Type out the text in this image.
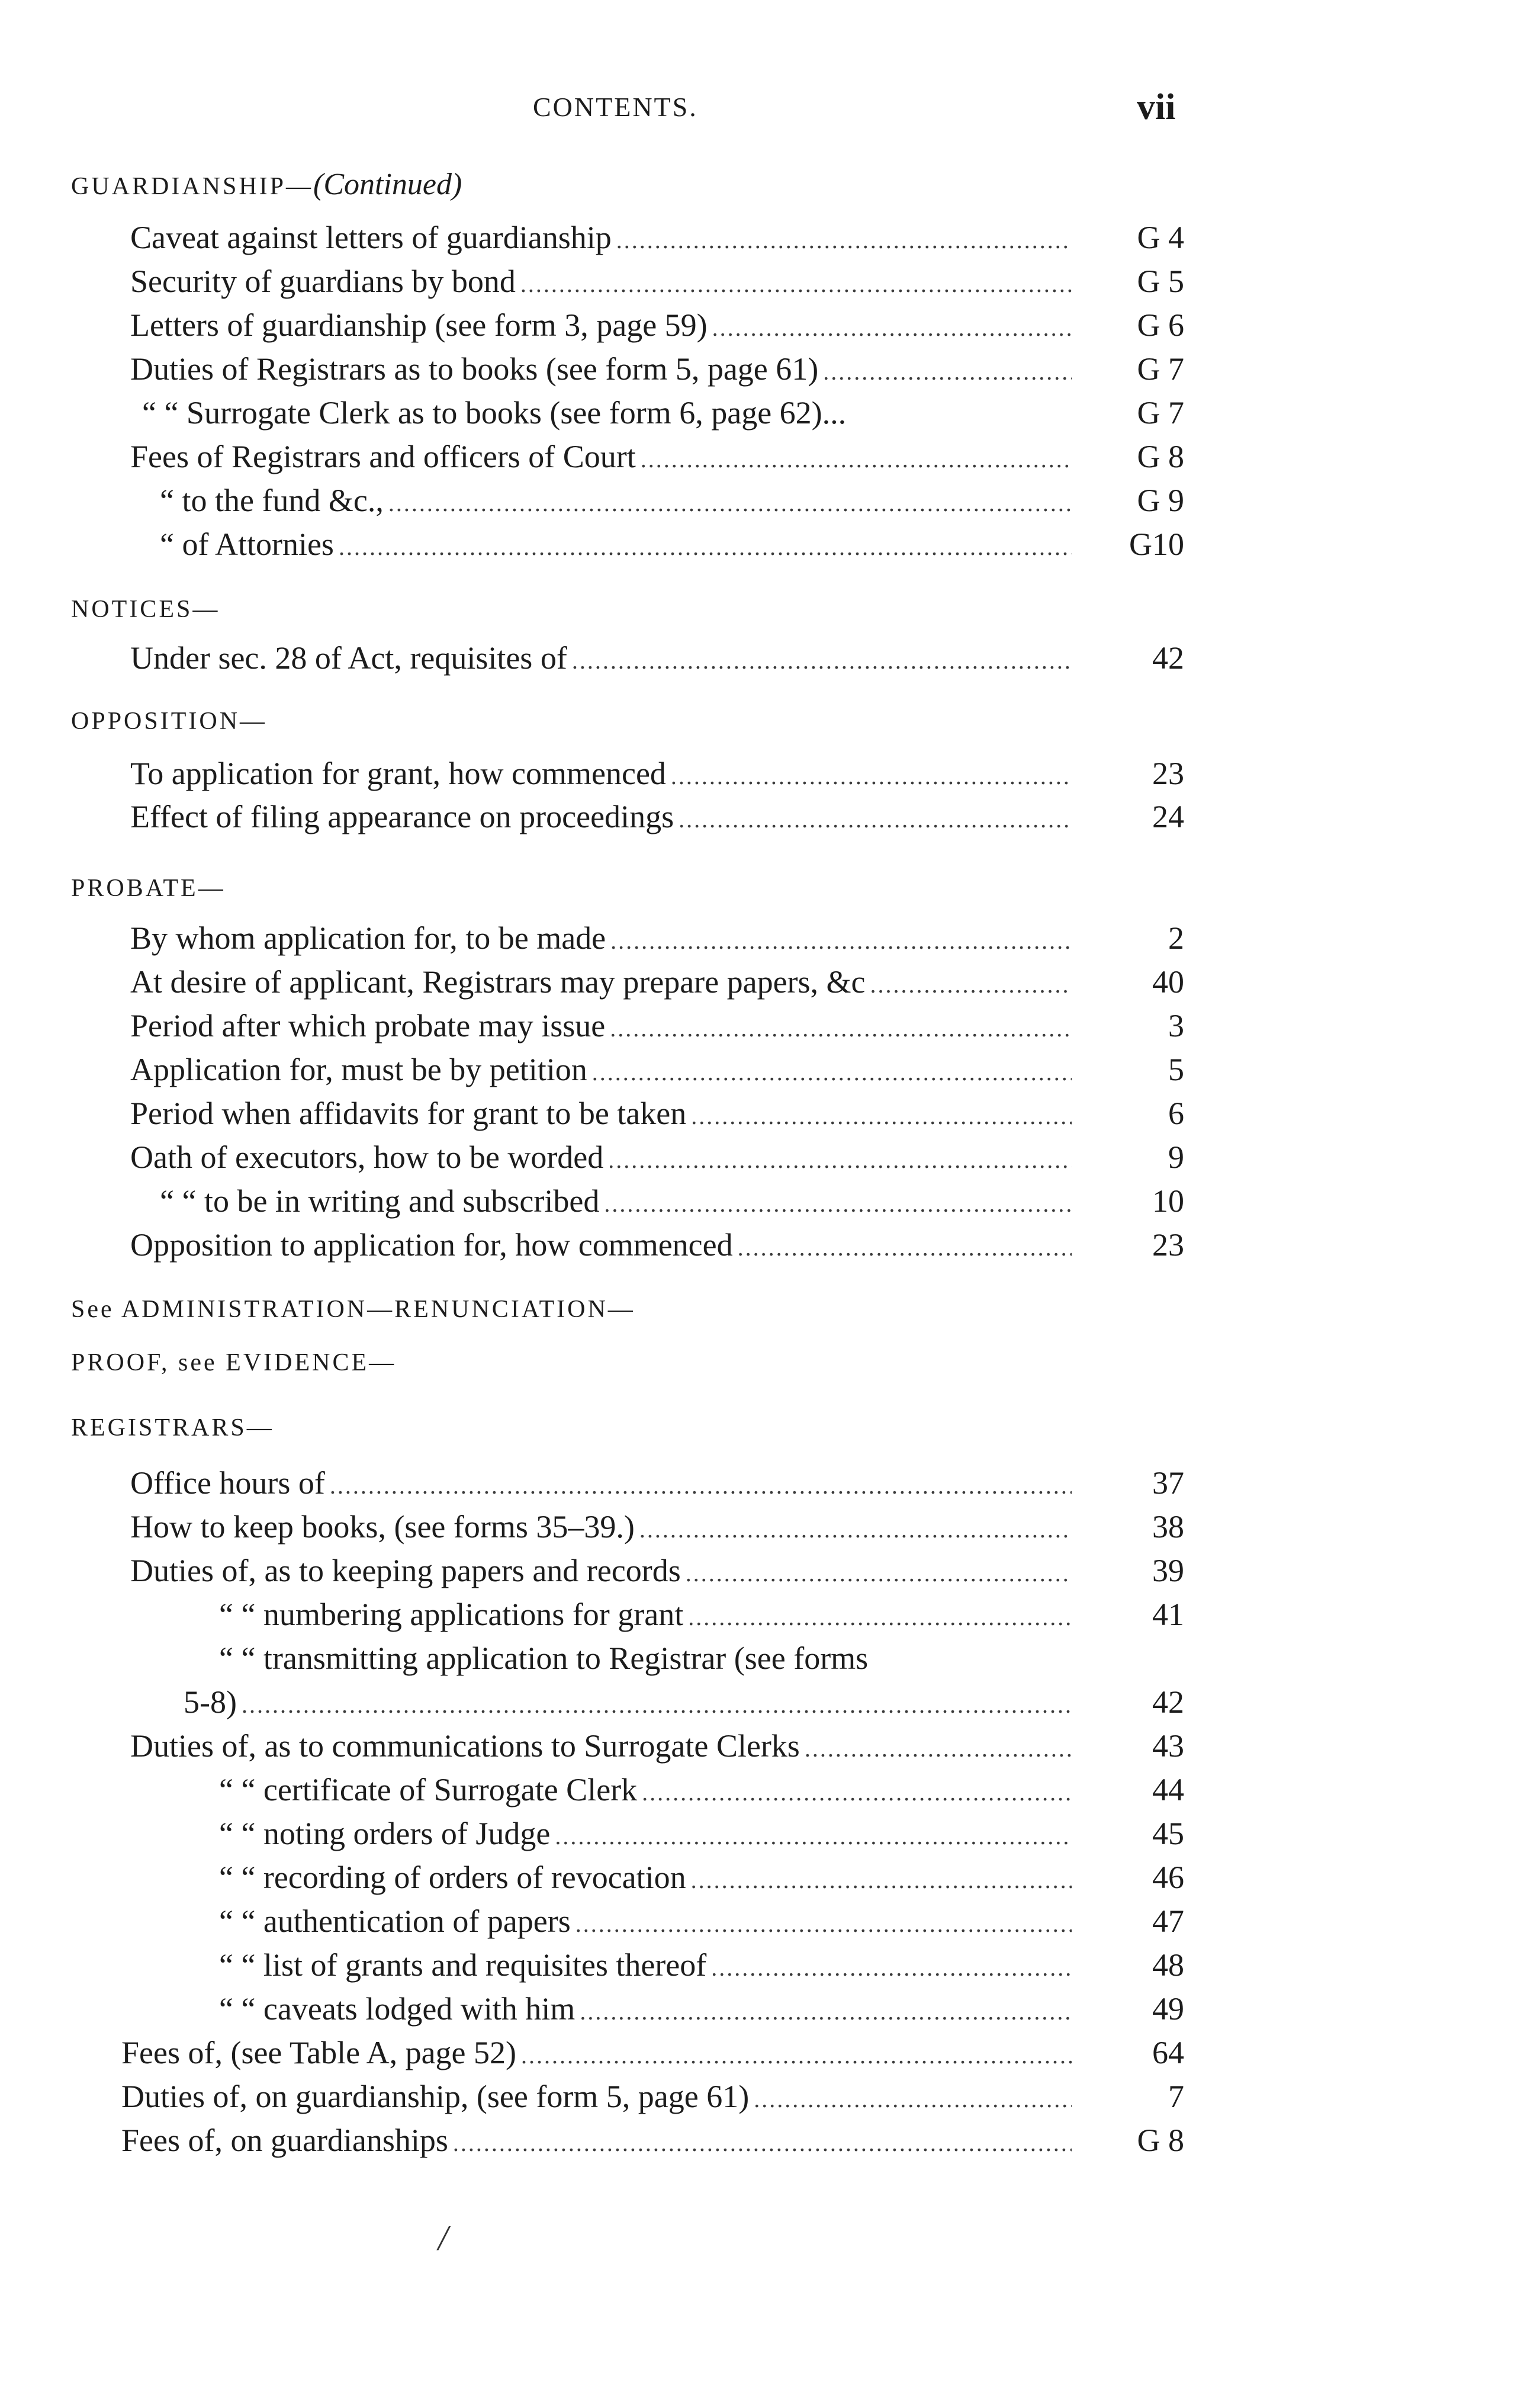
CONTENTS.	vii
GUARDIANSHIP—(Continued)
NOTICES—
OPPOSITION—
PROBATE—
See ADMINISTRATION—RENUNCIATION—
PROOF, see EVIDENCE—
REGISTRARS—
Caveat against letters of guardianship .....	G 4
Security of guardians by bond .....	G 5
Letters of guardianship (see form 3, page 59) .....	G 6
Duties of Registrars as to books (see form 5, page 61) .....	G 7
“ “ Surrogate Clerk as to books (see form 6, page 62)...	G 7
Fees of Registrars and officers of Court .....	G 8
“ to the fund &c., .....	G 9
“ of Attornies .....	G10
Under sec. 28 of Act, requisites of .....	42
To application for grant, how commenced .....	23
Effect of filing appearance on proceedings .....	24
By whom application for, to be made .....	2
At desire of applicant, Registrars may prepare papers, &c .....	40
Period after which probate may issue .....	3
Application for, must be by petition .....	5
Period when affidavits for grant to be taken .....	6
Oath of executors, how to be worded .....	9
“ “ to be in writing and subscribed .....	10
Opposition to application for, how commenced .....	23
Office hours of .....	37
How to keep books, (see forms 35–39.) .....	38
Duties of, as to keeping papers and records .....	39
“ “ numbering applications for grant .....	41
“ “ transmitting application to Registrar (see forms
5-8) .....	42
Duties of, as to communications to Surrogate Clerks .....	43
“ “ certificate of Surrogate Clerk .....	44
“ “ noting orders of Judge .....	45
“ “ recording of orders of revocation .....	46
“ “ authentication of papers .....	47
“ “ list of grants and requisites thereof .....	48
“ “ caveats lodged with him .....	49
Fees of, (see Table A, page 52) .....	64
Duties of, on guardianship, (see form 5, page 61) .....	7
Fees of, on guardianships .....	G 8
/
